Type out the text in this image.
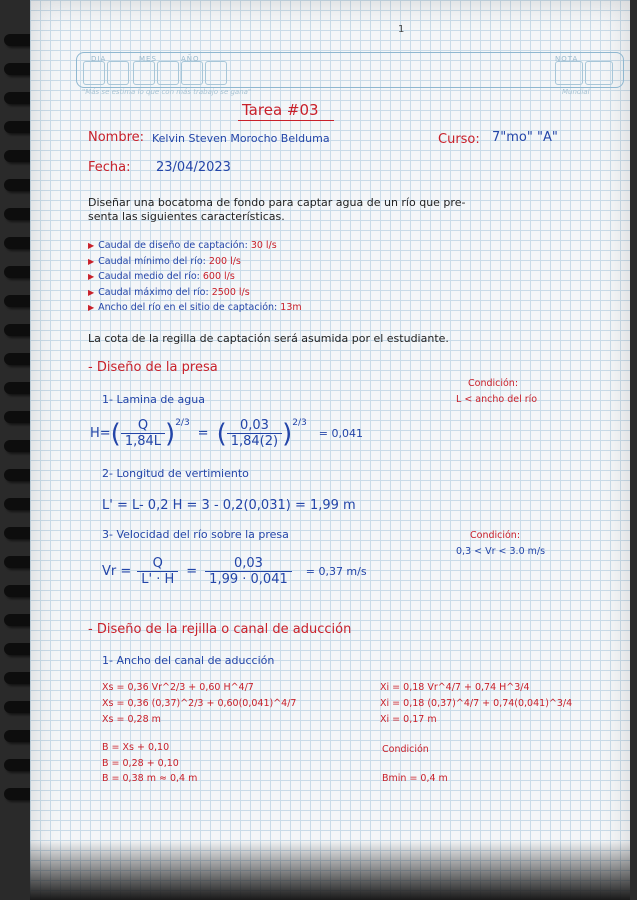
1
DIA	MES	AÑO	NOTA
"Más se estima lo que con más trabajo se gana"	Mundial
Tarea #03
Nombre: Kelvin Steven Morocho Belduma	Curso: 7"mo" "A"
Fecha: 23/04/2023
Diseñar una bocatoma de fondo para captar agua de un río que pre-
senta las siguientes características.
▶ Caudal de diseño de captación: 30 l/s
▶ Caudal mínimo del río: 200 l/s
▶ Caudal medio del río: 600 l/s
▶ Caudal máximo del río: 2500 l/s
▶ Ancho del río en el sitio de captación: 13m
La cota de la regilla de captación será asumida por el estudiante.
- Diseño de la presa
1- Lamina de agua
Condición:
L < ancho del río
H= ( $\frac{Q}{1,84L} )^{2/3}$
= ( $\frac{0,03}{1,84(2)} )^{2/3}$
= 0,041
2- Longitud de vertimiento
L' = L- 0,2 H = 3 - 0,2(0,031) = 1,99 m
3- Velocidad del río sobre la presa	Condición:
0,3 < Vr < 3.0 m/s
$Vr = \frac{Q}{L' \cdot H} = \frac{0,03}{1,99 \cdot 0,041} = 0,37$ m/s
- Diseño de la rejilla o canal de aducción
1- Ancho del canal de aducción
Xs = 0,36 Vr^2/3 + 0,60 H^4/7
Xs = 0,36 (0,37)^2/3 + 0,60(0,041)^4/7
Xs = 0,28 m
Xi = 0,18 Vr^4/7 + 0,74 H^3/4
Xi = 0,18 (0,37)^4/7 + 0,74(0,041)^3/4
Xi = 0,17 m
B = Xs + 0,10
B = 0,28 + 0,10
B = 0,38 m ≈ 0,4 m
Condición
Bmin = 0,4 m
